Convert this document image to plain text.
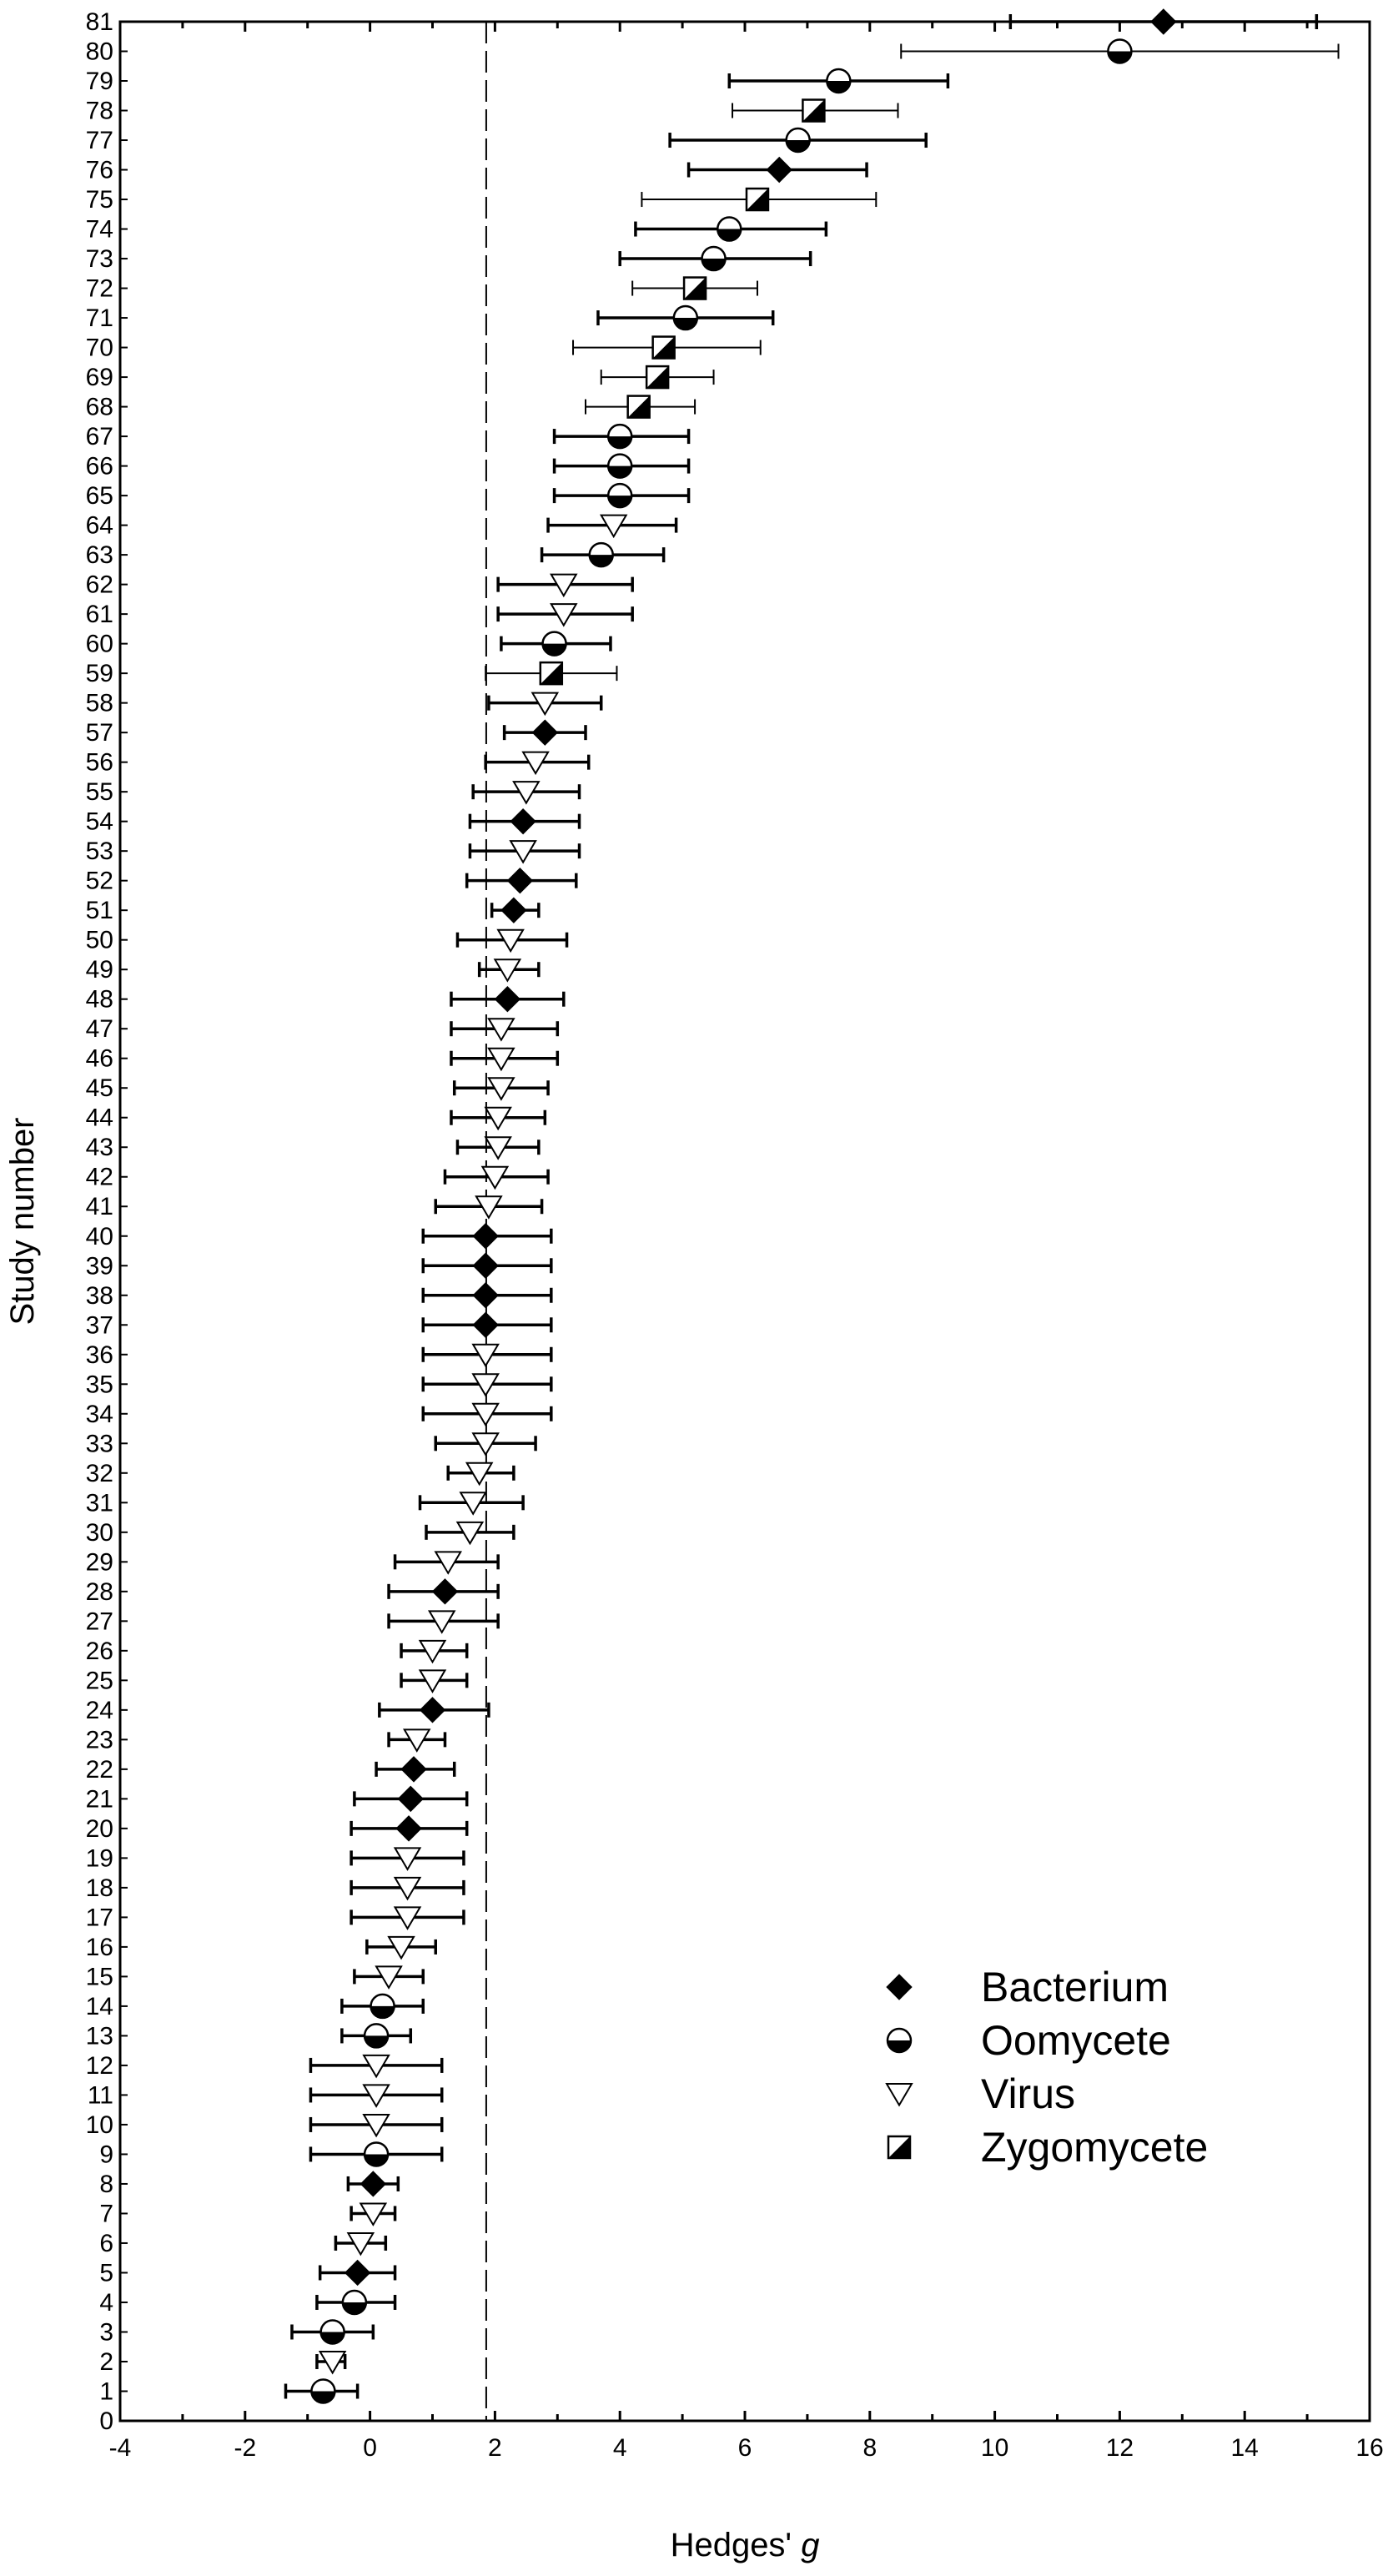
-4	-2	0	2	4	6	8	10	12	14	16
0
1
2
3
4
5
6
7
8
9
10
11
12
13
14
15
16
17
18
19
20
21
22
23
24
25
26
27
28
29
30
31
32
33
34
35
36
37
38
39
40
41
42
43
44
45
46
47
48
49
50
51
52
53
54
55
56
57
58
59
60
61
62
63
64
65
66
67
68
69
70
71
72
73
74
75
76
77
78
79
80
81
Hedges' g
Study number
Bacterium
Oomycete
Virus
Zygomycete
